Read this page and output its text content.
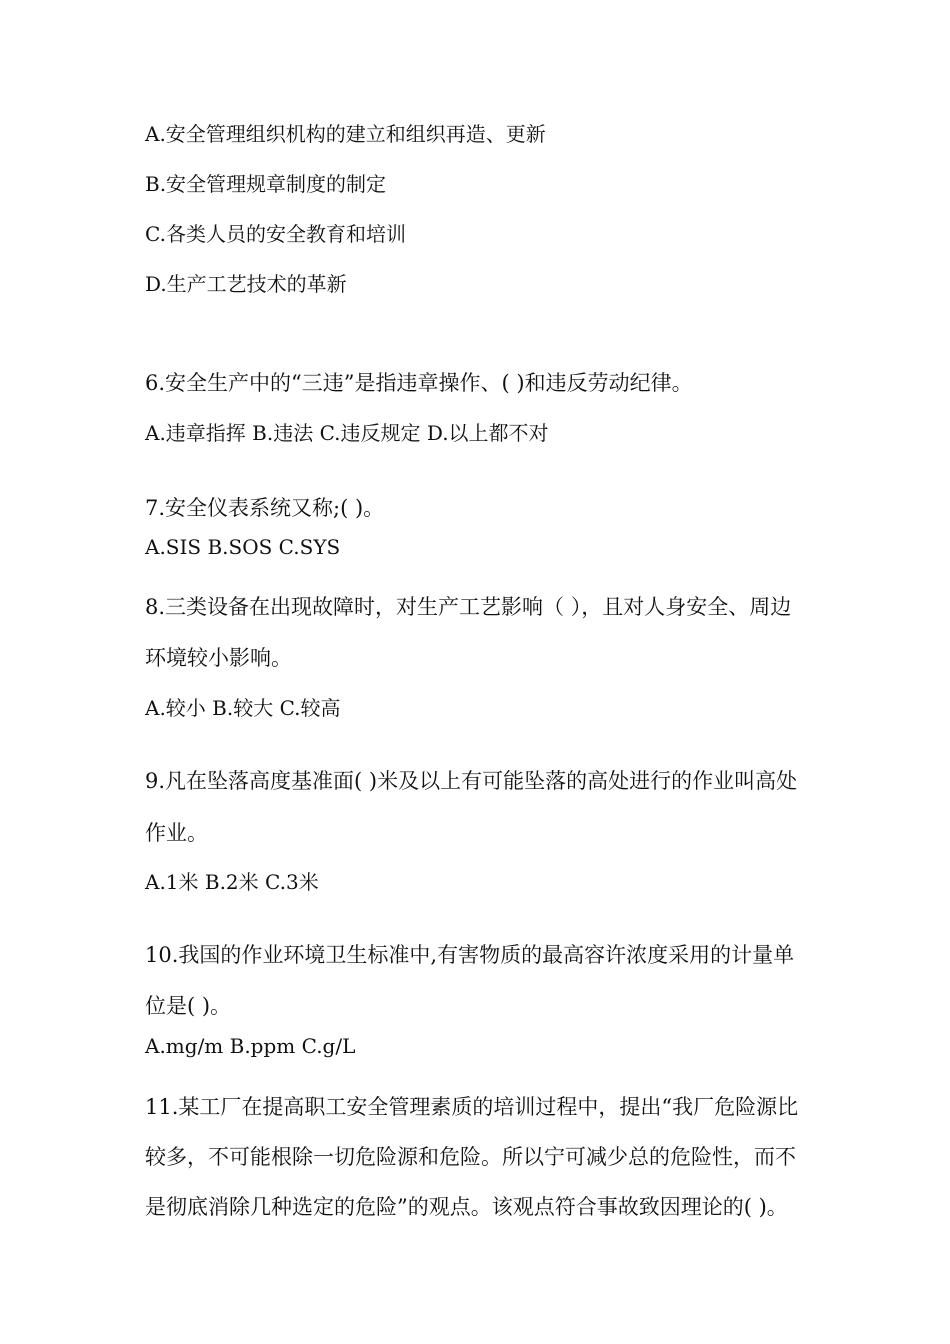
A.安全管理组织机构的建立和组织再造、更新
B.安全管理规章制度的制定
C.各类人员的安全教育和培训
D.生产工艺技术的革新
6.安全生产中的“三违”是指违章操作、( )和违反劳动纪律。
A.违章指挥 B.违法 C.违反规定 D.以上都不对
7.安全仪表系统又称;( )。
A.SIS B.SOS C.SYS
8.三类设备在出现故障时，对生产工艺影响（ ），且对人身安全、周边
环境较小影响。
A.较小 B.较大 C.较高
9.凡在坠落高度基准面( )米及以上有可能坠落的高处进行的作业叫高处
作业。
A.1米 B.2米 C.3米
10.我国的作业环境卫生标准中,有害物质的最高容许浓度采用的计量单
位是( )。
A.mg/m B.ppm C.g/L
11.某工厂在提高职工安全管理素质的培训过程中，提出“我厂危险源比
较多，不可能根除一切危险源和危险。所以宁可减少总的危险性，而不
是彻底消除几种选定的危险”的观点。该观点符合事故致因理论的( )。
